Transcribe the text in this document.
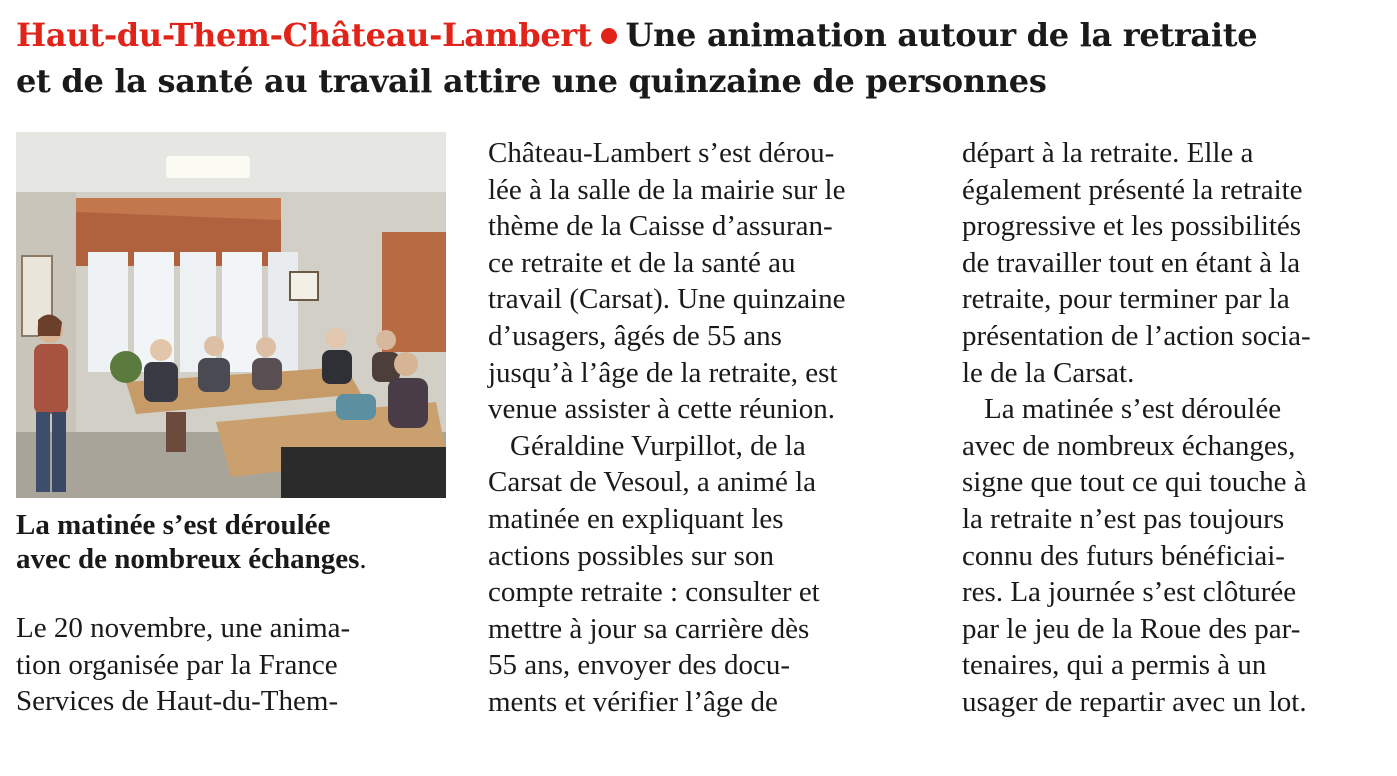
Haut-du-Them-Château-Lambert Une animation autour de la retraite
et de la santé au travail attire une quinzaine de personnes
La matinée s’est déroulée
avec de nombreux échanges .
Le 20 novembre, une anima-
tion organisée par la France
Services de Haut-du-Them-
Château-Lambert s’est dérou-
lée à la salle de la mairie sur le
thème de la Caisse d’assuran-
ce retraite et de la santé au
travail (Carsat). Une quinzaine
d’usagers, âgés de 55 ans
jusqu’à l’âge de la retraite, est
venue assister à cette réunion.
Géraldine Vurpillot, de la
Carsat de Vesoul, a animé la
matinée en expliquant les
actions possibles sur son
compte retraite : consulter et
mettre à jour sa carrière dès
55 ans, envoyer des docu-
ments et vérifier l’âge de
départ à la retraite. Elle a
également présenté la retraite
progressive et les possibilités
de travailler tout en étant à la
retraite, pour terminer par la
présentation de l’action socia-
le de la Carsat.
La matinée s’est déroulée
avec de nombreux échanges,
signe que tout ce qui touche à
la retraite n’est pas toujours
connu des futurs bénéficiai-
res. La journée s’est clôturée
par le jeu de la Roue des par-
tenaires, qui a permis à un
usager de repartir avec un lot.
